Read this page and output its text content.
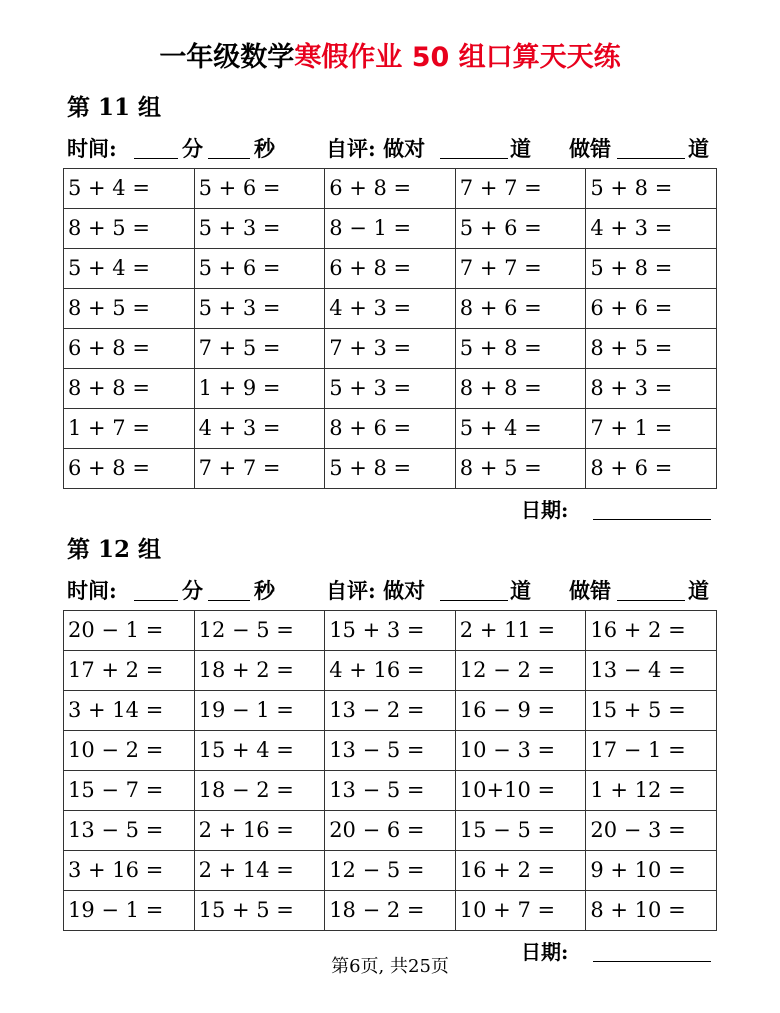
一年级数学寒假作业 50 组口算天天练
第 11 组
时间:	分 秒 自评: 做对	道 做错	道
5 + 4 =	5 + 6 =	6 + 8 =	7 + 7 =	5 + 8 =
8 + 5 =	5 + 3 =	8 − 1 =	5 + 6 =	4 + 3 =
5 + 4 =	5 + 6 =	6 + 8 =	7 + 7 =	5 + 8 =
8 + 5 =	5 + 3 =	4 + 3 =	8 + 6 =	6 + 6 =
6 + 8 =	7 + 5 =	7 + 3 =	5 + 8 =	8 + 5 =
8 + 8 =	1 + 9 =	5 + 3 =	8 + 8 =	8 + 3 =
1 + 7 =	4 + 3 =	8 + 6 =	5 + 4 =	7 + 1 =
6 + 8 =	7 + 7 =	5 + 8 =	8 + 5 =	8 + 6 =
日期:
第 12 组
时间:	分 秒 自评: 做对	道 做错	道
20 − 1 =	12 − 5 =	15 + 3 =	2 + 11 =	16 + 2 =
17 + 2 =	18 + 2 =	4 + 16 =	12 − 2 =	13 − 4 =
3 + 14 =	19 − 1 =	13 − 2 =	16 − 9 =	15 + 5 =
10 − 2 =	15 + 4 =	13 − 5 =	10 − 3 =	17 − 1 =
15 − 7 =	18 − 2 =	13 − 5 =	10+10 =	1 + 12 =
13 − 5 =	2 + 16 =	20 − 6 =	15 − 5 =	20 − 3 =
3 + 16 =	2 + 14 =	12 − 5 =	16 + 2 =	9 + 10 =
19 − 1 =	15 + 5 =	18 − 2 =	10 + 7 =	8 + 10 =
日期:
第6页, 共25页
